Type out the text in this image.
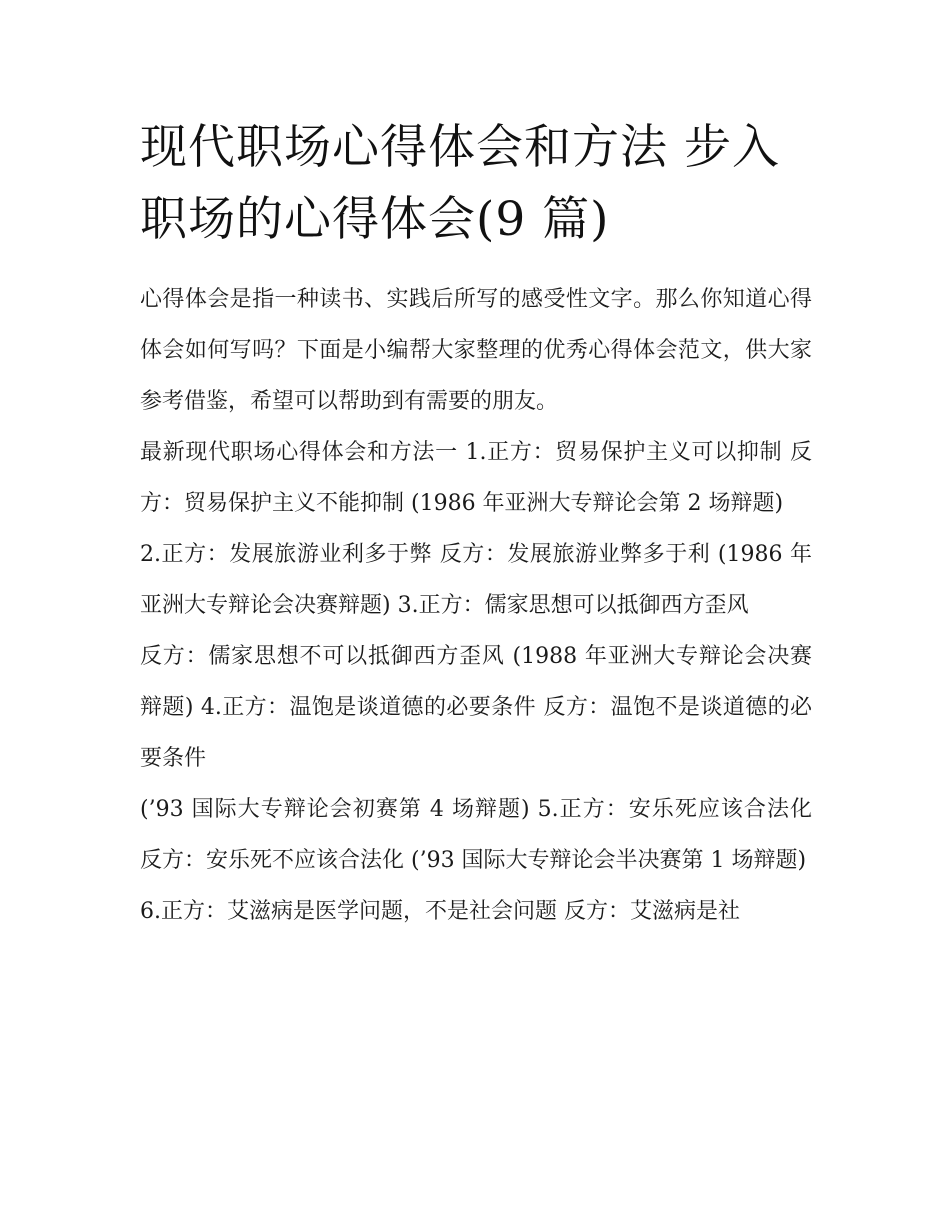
现代职场心得体会和方法 步入职场的心得体会(9 篇)

心得体会是指一种读书、实践后所写的感受性文字。那么你知道心得体会如何写吗？下面是小编帮大家整理的优秀心得体会范文，供大家参考借鉴，希望可以帮助到有需要的朋友。

最新现代职场心得体会和方法一 1.正方：贸易保护主义可以抑制 反方：贸易保护主义不能抑制 (1986 年亚洲大专辩论会第 2 场辩题)

2.正方：发展旅游业利多于弊 反方：发展旅游业弊多于利 (1986 年亚洲大专辩论会决赛辩题) 3.正方：儒家思想可以抵御西方歪风

反方：儒家思想不可以抵御西方歪风 (1988 年亚洲大专辩论会决赛辩题) 4.正方：温饱是谈道德的必要条件 反方：温饱不是谈道德的必要条件

(’93 国际大专辩论会初赛第 4 场辩题) 5.正方：安乐死应该合法化 反方：安乐死不应该合法化 (’93 国际大专辩论会半决赛第 1 场辩题)

6.正方：艾滋病是医学问题，不是社会问题 反方：艾滋病是社
